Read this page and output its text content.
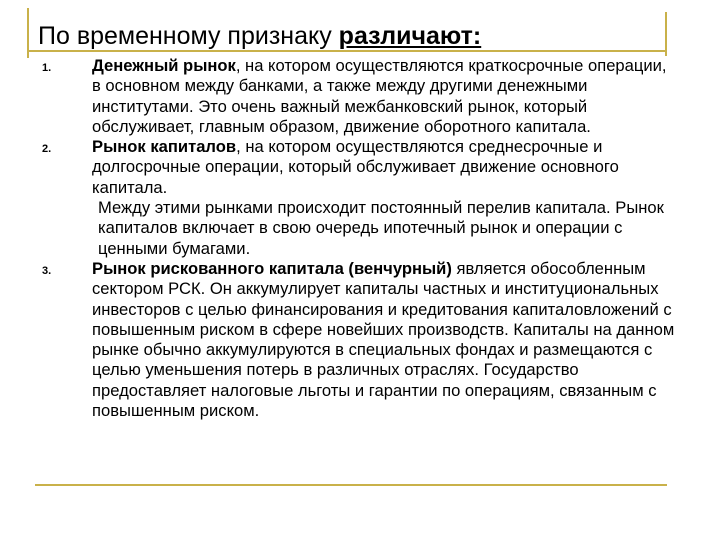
По временному признаку различают:
1. Денежный рынок, на котором осуществляются краткосрочные операции, в основном между банками, а также между другими денежными институтами. Это очень важный межбанковский рынок, который обслуживает, главным образом, движение оборотного капитала.
2. Рынок капиталов, на котором осуществляются среднесрочные и долгосрочные операции, который обслуживает движение основного капитала.
Между этими рынками происходит постоянный перелив капитала. Рынок капиталов включает в свою очередь ипотечный рынок и операции с ценными бумагами.
3. Рынок рискованного капитала (венчурный) является обособленным сектором РСК. Он аккумулирует капиталы частных и институциональных инвесторов с целью финансирования и кредитования капиталовложений с повышенным риском в сфере новейших производств. Капиталы на данном рынке обычно аккумулируются в специальных фондах и размещаются с целью уменьшения потерь в различных отраслях. Государство предоставляет налоговые льготы и гарантии по операциям, связанным с повышенным риском.
